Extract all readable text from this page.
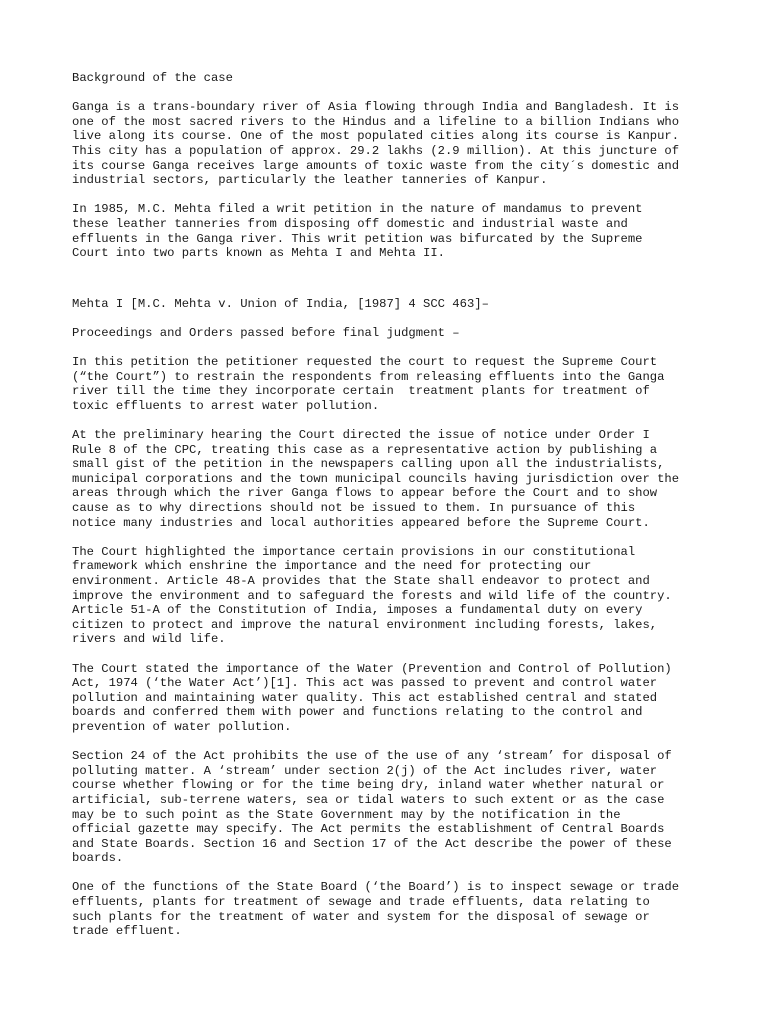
Background of the case

Ganga is a trans-boundary river of Asia flowing through India and Bangladesh. It is
one of the most sacred rivers to the Hindus and a lifeline to a billion Indians who
live along its course. One of the most populated cities along its course is Kanpur.
This city has a population of approx. 29.2 lakhs (2.9 million). At this juncture of
its course Ganga receives large amounts of toxic waste from the city´s domestic and
industrial sectors, particularly the leather tanneries of Kanpur.

In 1985, M.C. Mehta filed a writ petition in the nature of mandamus to prevent
these leather tanneries from disposing off domestic and industrial waste and
effluents in the Ganga river. This writ petition was bifurcated by the Supreme
Court into two parts known as Mehta I and Mehta II.

Mehta I [M.C. Mehta v. Union of India, [1987] 4 SCC 463]–

Proceedings and Orders passed before final judgment –

In this petition the petitioner requested the court to request the Supreme Court
(“the Court”) to restrain the respondents from releasing effluents into the Ganga
river till the time they incorporate certain  treatment plants for treatment of
toxic effluents to arrest water pollution.

At the preliminary hearing the Court directed the issue of notice under Order I
Rule 8 of the CPC, treating this case as a representative action by publishing a
small gist of the petition in the newspapers calling upon all the industrialists,
municipal corporations and the town municipal councils having jurisdiction over the
areas through which the river Ganga flows to appear before the Court and to show
cause as to why directions should not be issued to them. In pursuance of this
notice many industries and local authorities appeared before the Supreme Court.

The Court highlighted the importance certain provisions in our constitutional
framework which enshrine the importance and the need for protecting our
environment. Article 48-A provides that the State shall endeavor to protect and
improve the environment and to safeguard the forests and wild life of the country.
Article 51-A of the Constitution of India, imposes a fundamental duty on every
citizen to protect and improve the natural environment including forests, lakes,
rivers and wild life.

The Court stated the importance of the Water (Prevention and Control of Pollution)
Act, 1974 (‘the Water Act’)[1]. This act was passed to prevent and control water
pollution and maintaining water quality. This act established central and stated
boards and conferred them with power and functions relating to the control and
prevention of water pollution.

Section 24 of the Act prohibits the use of the use of any ‘stream’ for disposal of
polluting matter. A ‘stream’ under section 2(j) of the Act includes river, water
course whether flowing or for the time being dry, inland water whether natural or
artificial, sub-terrene waters, sea or tidal waters to such extent or as the case
may be to such point as the State Government may by the notification in the
official gazette may specify. The Act permits the establishment of Central Boards
and State Boards. Section 16 and Section 17 of the Act describe the power of these
boards.

One of the functions of the State Board (‘the Board’) is to inspect sewage or trade
effluents, plants for treatment of sewage and trade effluents, data relating to
such plants for the treatment of water and system for the disposal of sewage or
trade effluent.
